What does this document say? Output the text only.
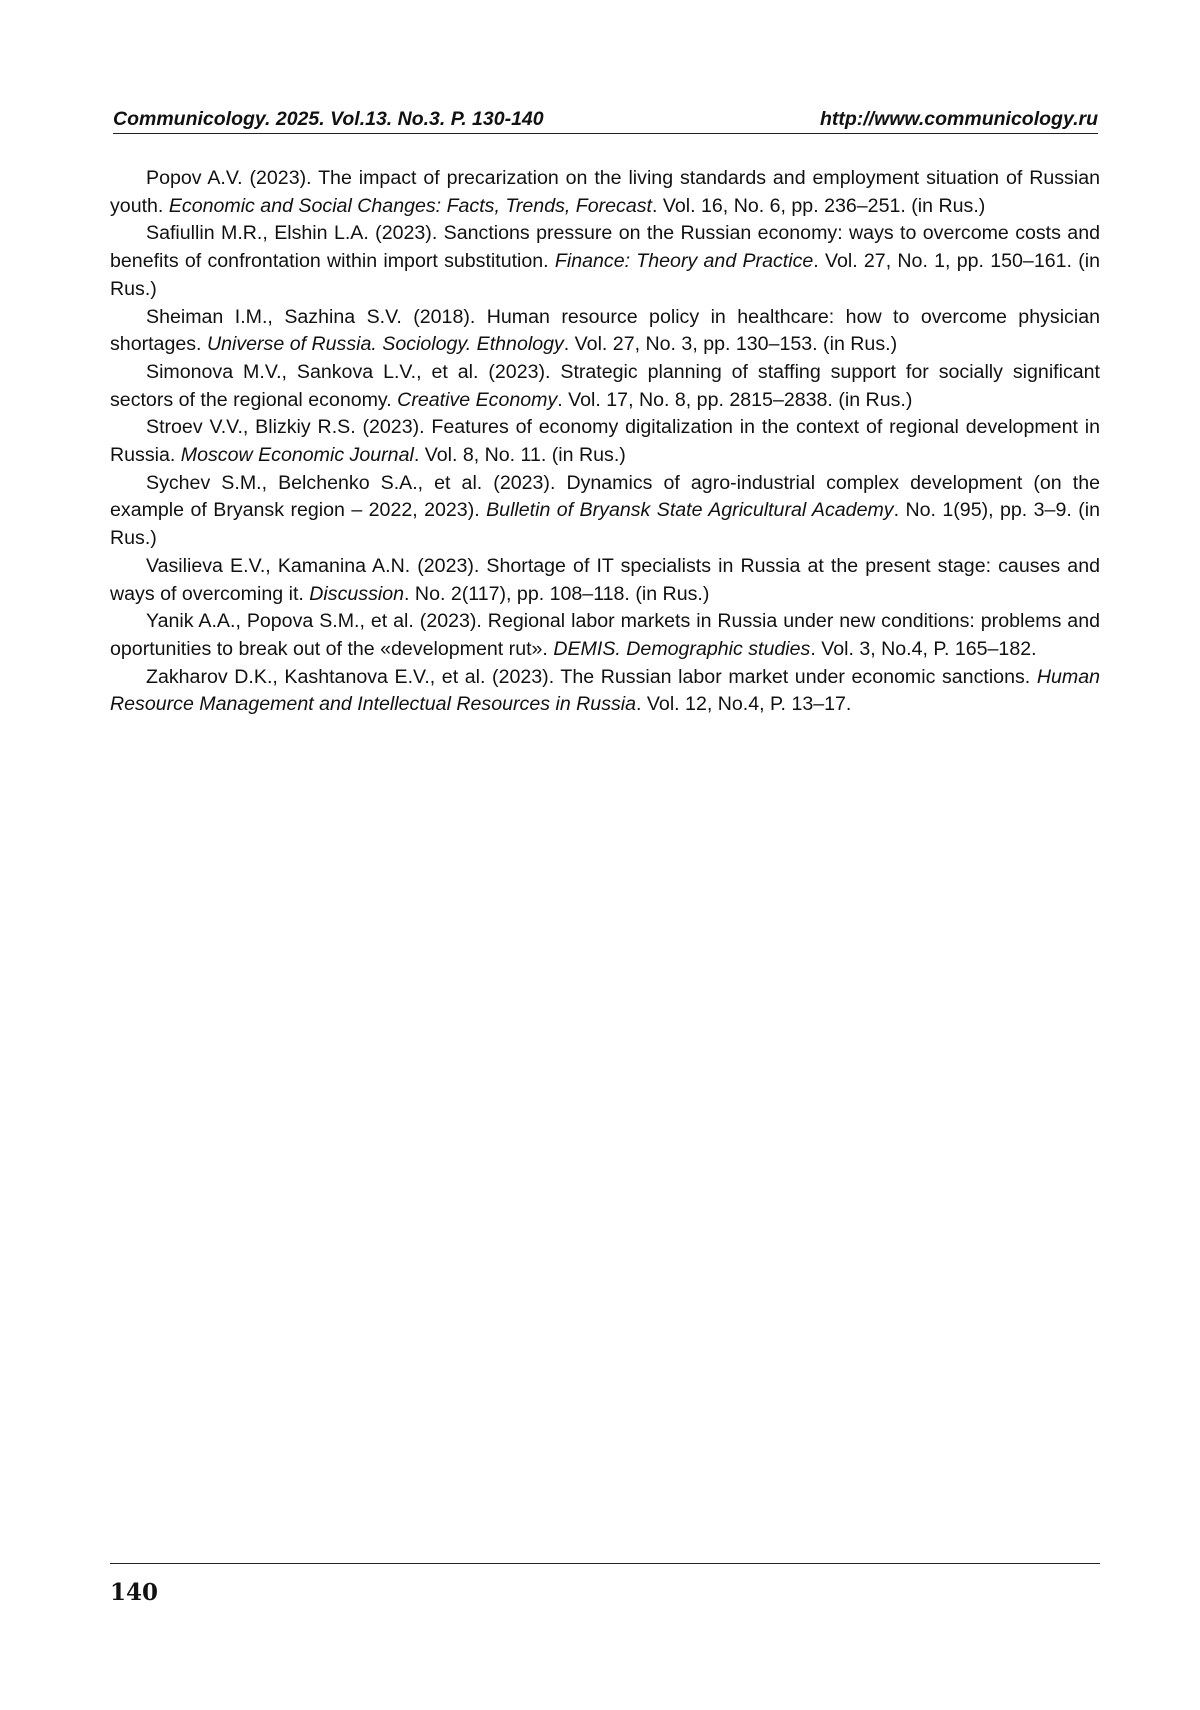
Communicology. 2025. Vol.13. No.3. P. 130-140	http://www.communicology.ru

Popov A.V. (2023). The impact of precarization on the living standards and employment situation of Russian youth. Economic and Social Changes: Facts, Trends, Forecast. Vol. 16, No. 6, pp. 236–251. (in Rus.)

Safiullin M.R., Elshin L.A. (2023). Sanctions pressure on the Russian economy: ways to overcome costs and benefits of confrontation within import substitution. Finance: Theory and Practice. Vol. 27, No. 1, pp. 150–161. (in Rus.)

Sheiman I.M., Sazhina S.V. (2018). Human resource policy in healthcare: how to overcome physician shortages. Universe of Russia. Sociology. Ethnology. Vol. 27, No. 3, pp. 130–153. (in Rus.)

Simonova M.V., Sankova L.V., et al. (2023). Strategic planning of staffing support for socially significant sectors of the regional economy. Creative Economy. Vol. 17, No. 8, pp. 2815–2838. (in Rus.)

Stroev V.V., Blizkiy R.S. (2023). Features of economy digitalization in the context of regional development in Russia. Moscow Economic Journal. Vol. 8, No. 11. (in Rus.)

Sychev S.M., Belchenko S.A., et al. (2023). Dynamics of agro-industrial complex development (on the example of Bryansk region – 2022, 2023). Bulletin of Bryansk State Agricultural Academy. No. 1(95), pp. 3–9. (in Rus.)

Vasilieva E.V., Kamanina A.N. (2023). Shortage of IT specialists in Russia at the present stage: causes and ways of overcoming it. Discussion. No. 2(117), pp. 108–118. (in Rus.)

Yanik A.A., Popova S.M., et al. (2023). Regional labor markets in Russia under new conditions: problems and oportunities to break out of the «development rut». DEMIS. Demographic studies. Vol. 3, No.4, P. 165–182.

Zakharov D.K., Kashtanova E.V., et al. (2023). The Russian labor market under economic sanctions. Human Resource Management and Intellectual Resources in Russia. Vol. 12, No.4, P. 13–17.

140
